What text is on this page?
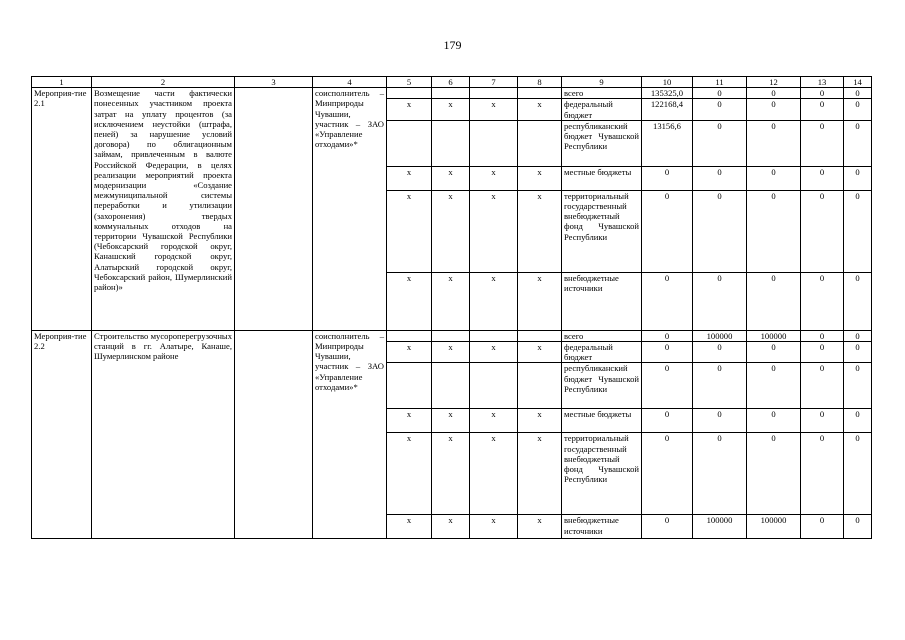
179
1	2	3	4	5	6	7	8	9	10	11	12	13	14
Мероприя-тие 2.1	Возмещение части фактически понесенных участником проекта затрат на уплату процентов (за исключением неустойки (штрафа, пеней) за нарушение условий договора) по облигационным займам, привлеченным в валюте Российской Федерации, в целях реализации мероприятий проекта модернизации «Создание межмуниципальной системы переработки и утилизации (захоронения) твердых коммунальных отходов на территории Чувашской Республики (Чебоксарский городской округ, Канашский городской округ, Алатырский городской округ, Чебоксарский район, Шумерлинский район)»		соисполнитель – Минприроды Чувашии, участник – ЗАО «Управление отходами»*					всего	135325,0	0	0	0	0
				x	x	x	x	федеральный бюджет	122168,4	0	0	0	0
								республиканский бюджет Чувашской Республики	13156,6	0	0	0	0
				x	x	x	x	местные бюджеты	0	0	0	0	0
				x	x	x	x	территориальный государственный внебюджетный фонд Чувашской Республики	0	0	0	0	0
				x	x	x	x	внебюджетные источники	0	0	0	0	0
Мероприя-тие 2.2	Строительство мусороперегрузочных станций в гг. Алатыре, Канаше, Шумерлинском районе		соисполнитель – Минприроды Чувашии, участник – ЗАО «Управление отходами»*					всего	0	100000	100000	0	0
				x	x	x	x	федеральный бюджет	0	0	0	0	0
								республиканский бюджет Чувашской Республики	0	0	0	0	0
				x	x	x	x	местные бюджеты	0	0	0	0	0
				x	x	x	x	территориальный государственный внебюджетный фонд Чувашской Республики	0	0	0	0	0
				x	x	x	x	внебюджетные источники	0	100000	100000	0	0
